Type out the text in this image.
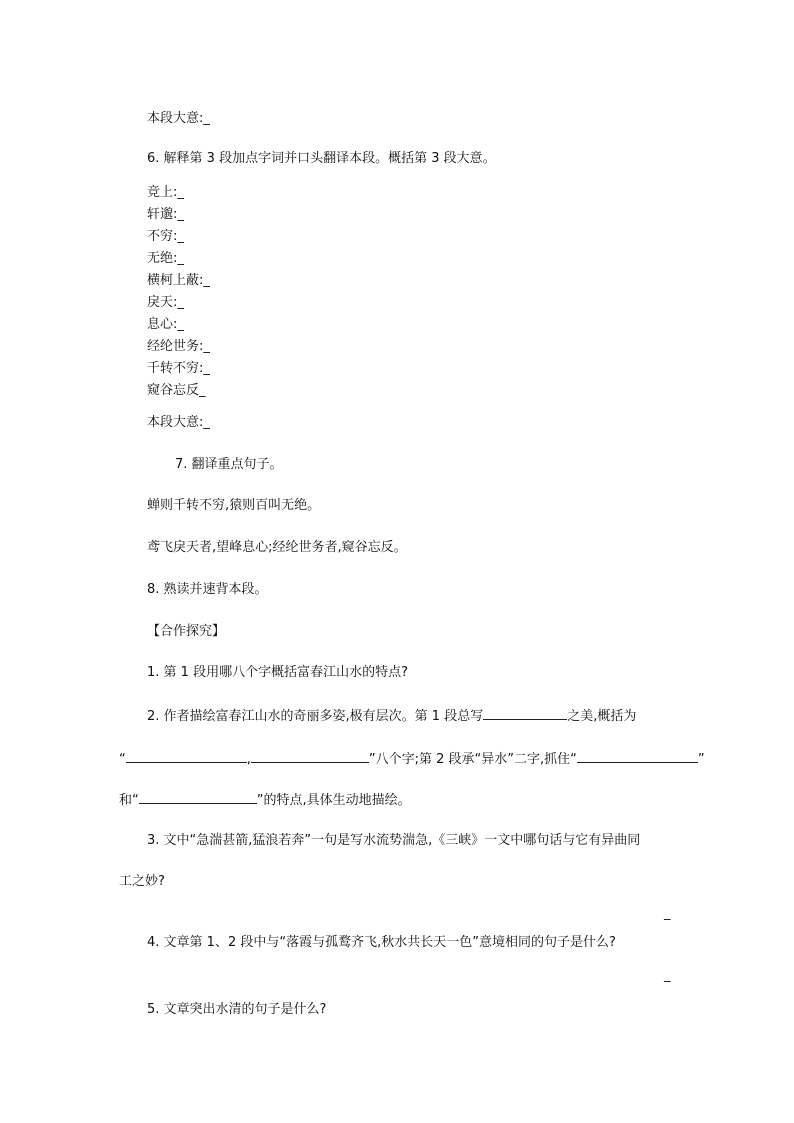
本段大意:_
6. 解释第 3 段加点字词并口头翻译本段。概括第 3 段大意。
竞上:_
轩邈:_
不穷:_
无绝:_
横柯上蔽:_
戾天:_
息心:_
经纶世务:_
千转不穷:_
窥谷忘反_
本段大意:_
7. 翻译重点句子。
蝉则千转不穷,猿则百叫无绝。
鸢飞戾天者,望峰息心;经纶世务者,窥谷忘反。
8. 熟读并速背本段。
【合作探究】
1. 第 1 段用哪八个字概括富春江山水的特点?
2. 作者描绘富春江山水的奇丽多姿,极有层次。第 1 段总写	之美,概括为
“	,	”八个字;第 2 段承“异水”二字,抓住“	”
和“	”的特点,具体生动地描绘。
3. 文中“急湍甚箭,猛浪若奔”一句是写水流势湍急,《三峡》一文中哪句话与它有异曲同
工之妙?
_
4. 文章第 1、2 段中与“落霞与孤鹜齐飞,秋水共长天一色”意境相同的句子是什么?
_
5. 文章突出水清的句子是什么?
